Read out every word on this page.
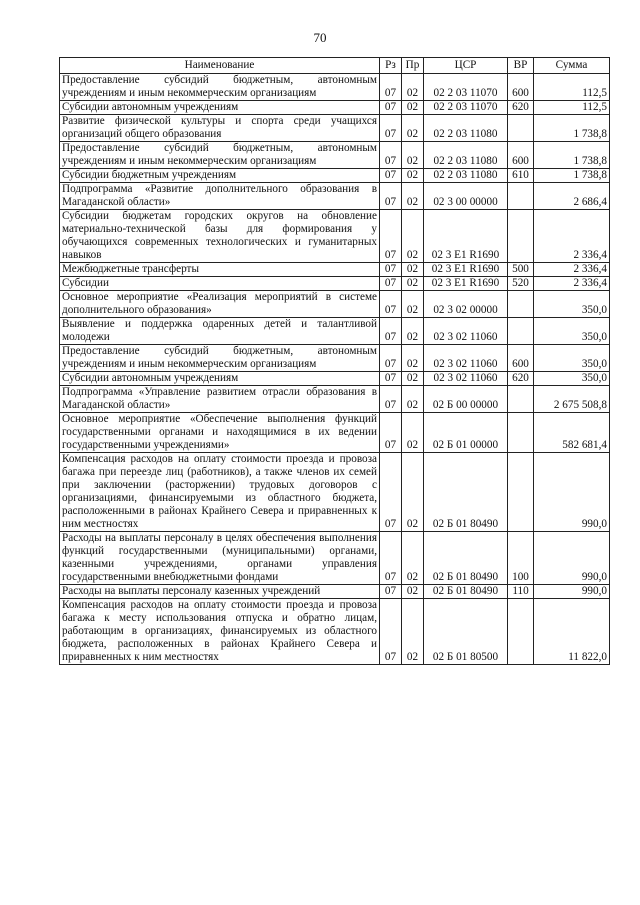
70
Наименование	Рз	Пр	ЦСР	ВР	Сумма
Предоставление субсидий бюджетным, автономным учреждениям и иным некоммерческим организациям	07	02	02 2 03 11070	600	112,5
Субсидии автономным учреждениям	07	02	02 2 03 11070	620	112,5
Развитие физической культуры и спорта среди учащихся организаций общего образования	07	02	02 2 03 11080		1 738,8
Предоставление субсидий бюджетным, автономным учреждениям и иным некоммерческим организациям	07	02	02 2 03 11080	600	1 738,8
Субсидии бюджетным учреждениям	07	02	02 2 03 11080	610	1 738,8
Подпрограмма «Развитие дополнительного образования в Магаданской области»	07	02	02 3 00 00000		2 686,4
Субсидии бюджетам городских округов на обновление материально-технической базы для формирования у обучающихся современных технологических и гуманитарных навыков	07	02	02 3 E1 R1690		2 336,4
Межбюджетные трансферты	07	02	02 3 E1 R1690	500	2 336,4
Субсидии	07	02	02 3 E1 R1690	520	2 336,4
Основное мероприятие «Реализация мероприятий в системе дополнительного образования»	07	02	02 3 02 00000		350,0
Выявление и поддержка одаренных детей и талантливой молодежи	07	02	02 3 02 11060		350,0
Предоставление субсидий бюджетным, автономным учреждениям и иным некоммерческим организациям	07	02	02 3 02 11060	600	350,0
Субсидии автономным учреждениям	07	02	02 3 02 11060	620	350,0
Подпрограмма «Управление развитием отрасли образования в Магаданской области»	07	02	02 Б 00 00000		2 675 508,8
Основное мероприятие «Обеспечение выполнения функций государственными органами и находящимися в их ведении государственными учреждениями»	07	02	02 Б 01 00000		582 681,4
Компенсация расходов на оплату стоимости проезда и провоза багажа при переезде лиц (работников), а также членов их семей при заключении (расторжении) трудовых договоров с организациями, финансируемыми из областного бюджета, расположенными в районах Крайнего Севера и приравненных к ним местностях	07	02	02 Б 01 80490		990,0
Расходы на выплаты персоналу в целях обеспечения выполнения функций государственными (муниципальными) органами, казенными учреждениями, органами управления государственными внебюджетными фондами	07	02	02 Б 01 80490	100	990,0
Расходы на выплаты персоналу казенных учреждений	07	02	02 Б 01 80490	110	990,0
Компенсация расходов на оплату стоимости проезда и провоза багажа к месту использования отпуска и обратно лицам, работающим в организациях, финансируемых из областного бюджета, расположенных в районах Крайнего Севера и приравненных к ним местностях	07	02	02 Б 01 80500		11 822,0
